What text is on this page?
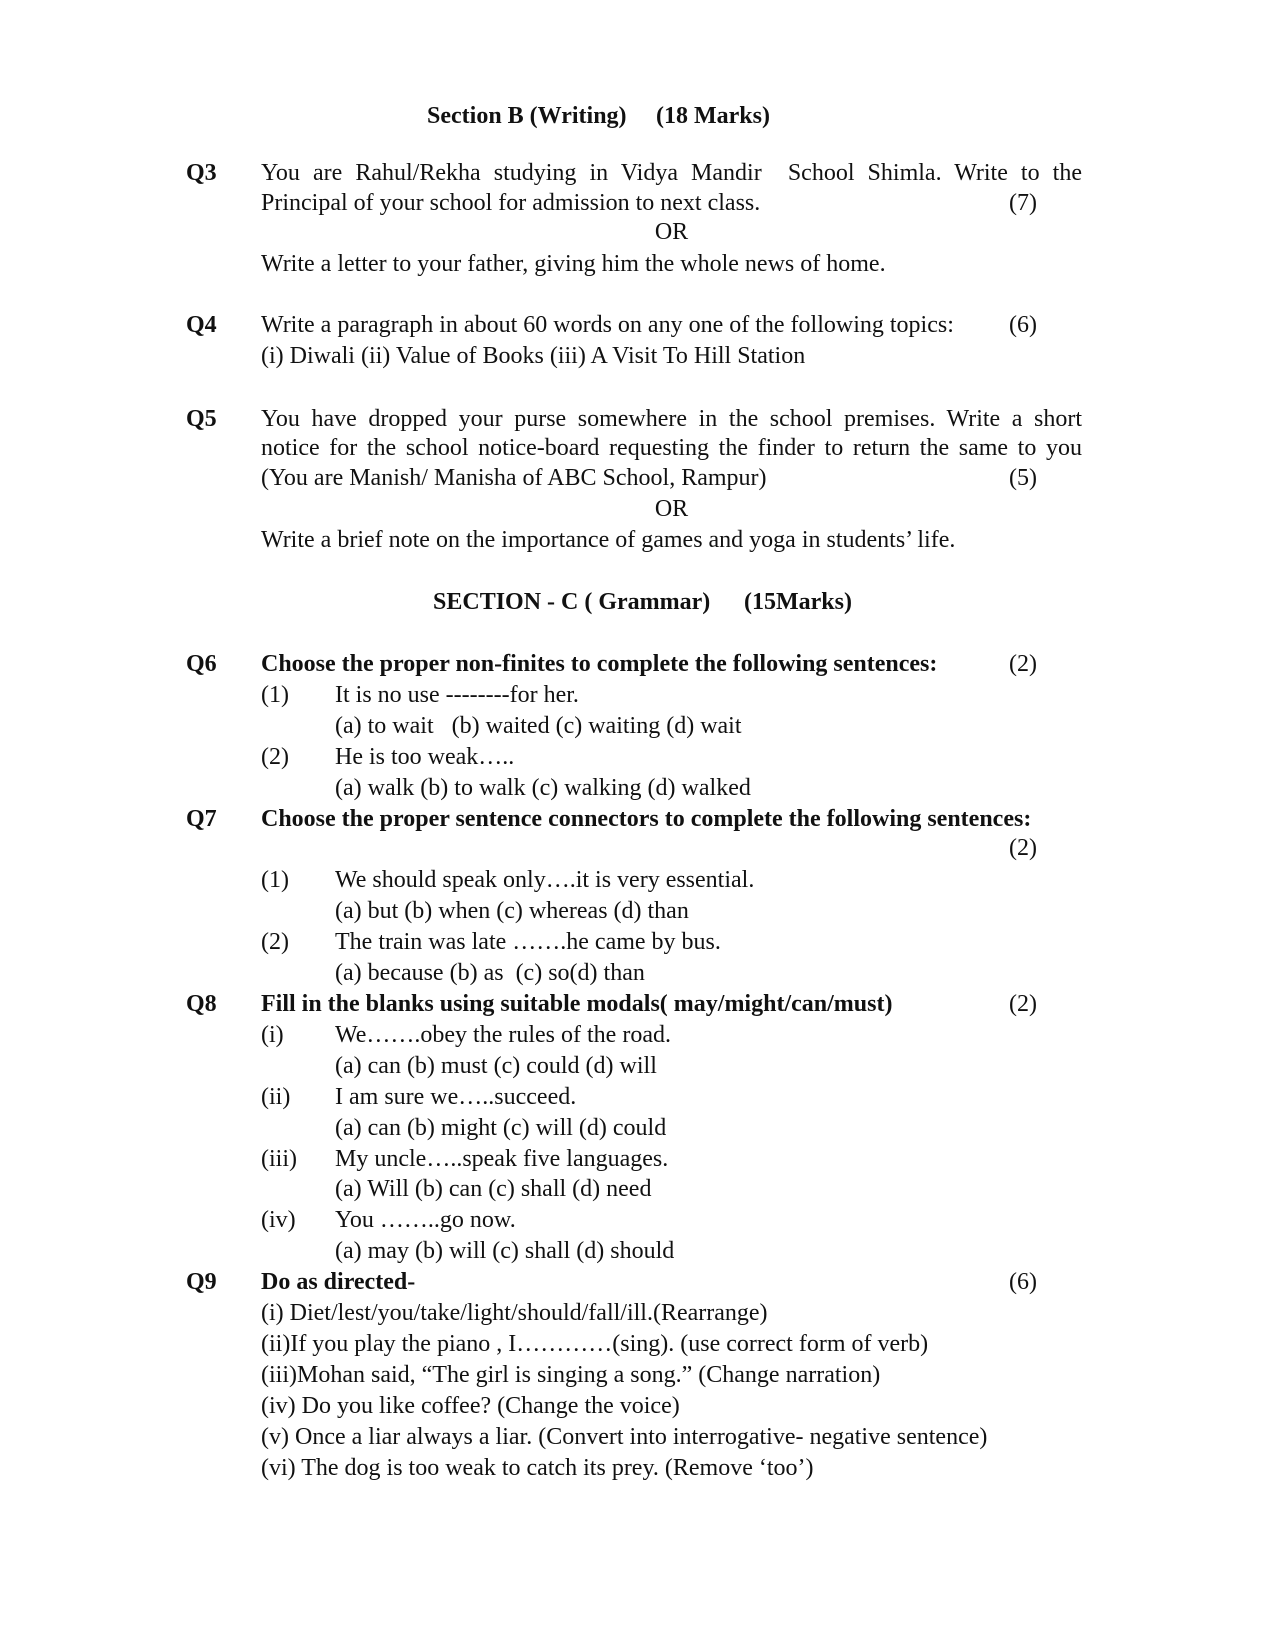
Section B (Writing) (18 Marks)
Q3 You are Rahul/Rekha studying in Vidya Mandir  School Shimla. Write to the
Principal of your school for admission to next class.	(7)
OR
Write a letter to your father, giving him the whole news of home.
Q4 Write a paragraph in about 60 words on any one of the following topics: (6)
(i) Diwali (ii) Value of Books (iii) A Visit To Hill Station
Q5 You have dropped your purse somewhere in the school premises. Write a short
notice for the school notice-board requesting the finder to return the same to you
(You are Manish/ Manisha of ABC School, Rampur)	(5)
OR
Write a brief note on the importance of games and yoga in students’ life.
SECTION - C ( Grammar) (15Marks)
Q6 Choose the proper non-finites to complete the following sentences:	(2)
(1) It is no use --------for her.
(a) to wait   (b) waited (c) waiting (d) wait
(2) He is too weak…..
(a) walk (b) to walk (c) walking (d) walked
Q7 Choose the proper sentence connectors to complete the following sentences:
(2)
(1) We should speak only….it is very essential.
(a) but (b) when (c) whereas (d) than
(2) The train was late …….he came by bus.
(a) because (b) as  (c) so(d) than
Q8 Fill in the blanks using suitable modals( may/might/can/must)	(2)
(i) We…….obey the rules of the road.
(a) can (b) must (c) could (d) will
(ii) I am sure we…..succeed.
(a) can (b) might (c) will (d) could
(iii) My uncle…..speak five languages.
(a) Will (b) can (c) shall (d) need
(iv) You ……..go now.
(a) may (b) will (c) shall (d) should
Q9 Do as directed-	(6)
(i) Diet/lest/you/take/light/should/fall/ill.(Rearrange)
(ii)If you play the piano , I…………(sing). (use correct form of verb)
(iii)Mohan said, “The girl is singing a song.” (Change narration)
(iv) Do you like coffee? (Change the voice)
(v) Once a liar always a liar. (Convert into interrogative- negative sentence)
(vi) The dog is too weak to catch its prey. (Remove ‘too’)
